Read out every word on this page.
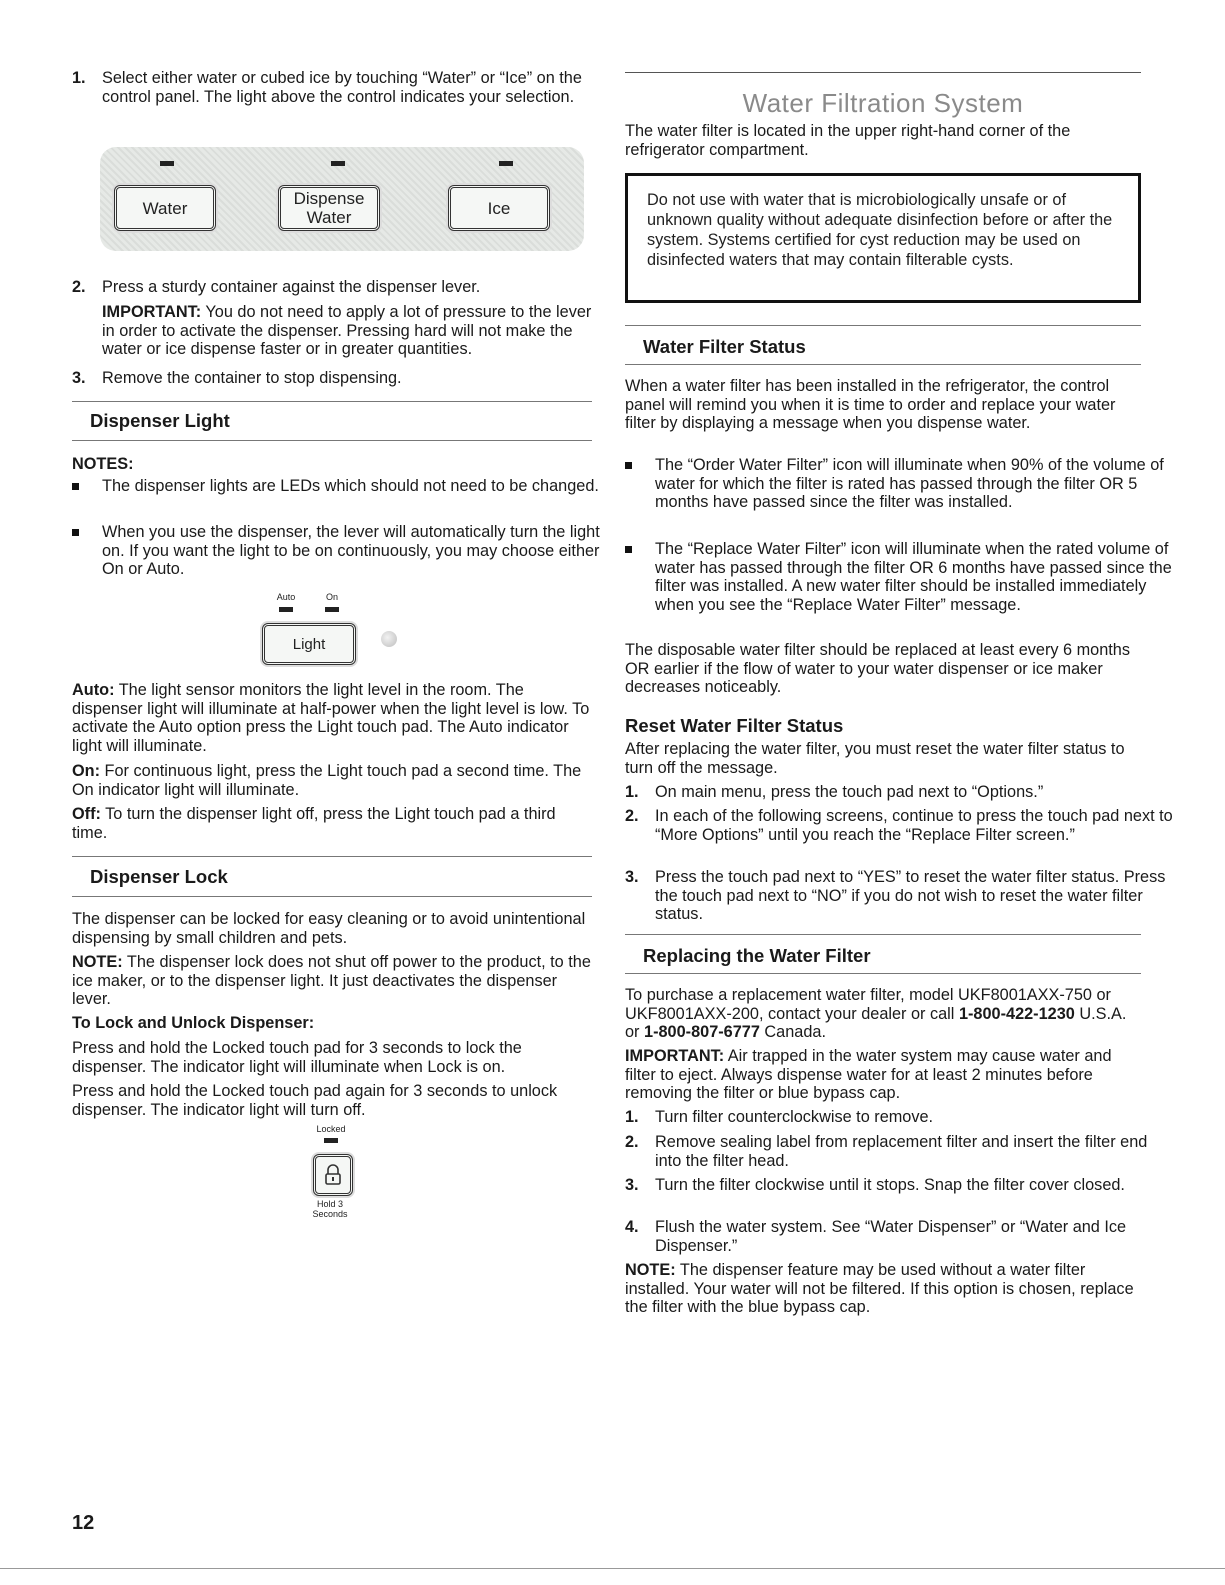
1. Select either water or cubed ice by touching “Water” or “Ice” on the control panel. The light above the control indicates your selection.
Water	Dispense
Water	Ice
2. Press a sturdy container against the dispenser lever.

IMPORTANT: You do not need to apply a lot of pressure to the lever in order to activate the dispenser. Pressing hard will not make the water or ice dispense faster or in greater quantities.

3. Remove the container to stop dispensing.
Dispenser Light

NOTES:

The dispenser lights are LEDs which should not need to be changed.
When you use the dispenser, the lever will automatically turn the light on. If you want the light to be on continuously, you may choose either On or Auto.
Auto	On
Light

Auto: The light sensor monitors the light level in the room. The dispenser light will illuminate at half-power when the light level is low. To activate the Auto option press the Light touch pad. The Auto indicator light will illuminate.

On: For continuous light, press the Light touch pad a second time. The On indicator light will illuminate.

Off: To turn the dispenser light off, press the Light touch pad a third time.

Dispenser Lock

The dispenser can be locked for easy cleaning or to avoid unintentional dispensing by small children and pets.

NOTE: The dispenser lock does not shut off power to the product, to the ice maker, or to the dispenser light. It just deactivates the dispenser lever.

To Lock and Unlock Dispenser:

Press and hold the Locked touch pad for 3 seconds to lock the dispenser. The indicator light will illuminate when Lock is on.

Press and hold the Locked touch pad again for 3 seconds to unlock dispenser. The indicator light will turn off.

Locked
Hold 3
Seconds
12
Water Filtration System

The water filter is located in the upper right-hand corner of the refrigerator compartment.

Do not use with water that is microbiologically unsafe or of unknown quality without adequate disinfection before or after the system. Systems certified for cyst reduction may be used on disinfected waters that may contain filterable cysts.

Water Filter Status

When a water filter has been installed in the refrigerator, the control panel will remind you when it is time to order and replace your water filter by displaying a message when you dispense water.

The “Order Water Filter” icon will illuminate when 90% of the volume of water for which the filter is rated has passed through the filter OR 5 months have passed since the filter was installed.
The “Replace Water Filter” icon will illuminate when the rated volume of water has passed through the filter OR 6 months have passed since the filter was installed. A new water filter should be installed immediately when you see the “Replace Water Filter” message.

The disposable water filter should be replaced at least every 6 months OR earlier if the flow of water to your water dispenser or ice maker decreases noticeably.

Reset Water Filter Status

After replacing the water filter, you must reset the water filter status to turn off the message.

1. On main menu, press the touch pad next to “Options.”
2. In each of the following screens, continue to press the touch pad next to “More Options” until you reach the “Replace Filter screen.”
3. Press the touch pad next to “YES” to reset the water filter status. Press the touch pad next to “NO” if you do not wish to reset the water filter status.
Replacing the Water Filter

To purchase a replacement water filter, model UKF8001AXX-750 or UKF8001AXX-200, contact your dealer or call 1-800-422-1230 U.S.A. or 1-800-807-6777 Canada.

IMPORTANT: Air trapped in the water system may cause water and filter to eject. Always dispense water for at least 2 minutes before removing the filter or blue bypass cap.

1. Turn filter counterclockwise to remove.
2. Remove sealing label from replacement filter and insert the filter end into the filter head.
3. Turn the filter clockwise until it stops. Snap the filter cover closed.
4. Flush the water system. See “Water Dispenser” or “Water and Ice Dispenser.”

NOTE: The dispenser feature may be used without a water filter installed. Your water will not be filtered. If this option is chosen, replace the filter with the blue bypass cap.
